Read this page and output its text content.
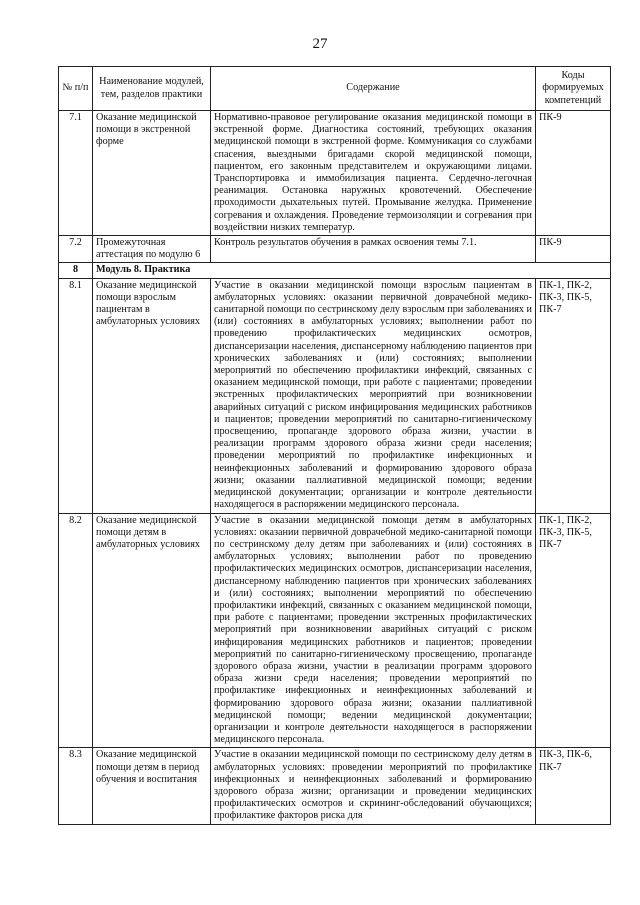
27
№ п/п	Наименование модулей, тем, разделов практики	Содержание	Коды формируемых компетенций
7.1	Оказание медицинской помощи в экстренной форме	Нормативно-правовое регулирование оказания медицинской помощи в экстренной форме. Диагностика состояний, требующих оказания медицинской помощи в экстренной форме. Коммуникация со службами спасения, выездными бригадами скорой медицинской помощи, пациентом, его законным представителем и окружающими лицами. Транспортировка и иммобилизация пациента. Сердечно-легочная реанимация. Остановка наружных кровотечений. Обеспечение проходимости дыхательных путей. Промывание желудка. Применение согревания и охлаждения. Проведение термоизоляции и согревания при воздействии низких температур.	ПК-9
7.2	Промежуточная аттестация по модулю 6	Контроль результатов обучения в рамках освоения темы 7.1.	ПК-9
8	Модуль 8. Практика		
8.1	Оказание медицинской помощи взрослым пациентам в амбулаторных условиях	Участие в оказании медицинской помощи взрослым пациентам в амбулаторных условиях: оказании первичной доврачебной медико-санитарной помощи по сестринскому делу взрослым при заболеваниях и (или) состояниях в амбулаторных условиях; выполнении работ по проведению профилактических медицинских осмотров, диспансеризации населения, диспансерному наблюдению пациентов при хронических заболеваниях и (или) состояниях; выполнении мероприятий по обеспечению профилактики инфекций, связанных с оказанием медицинской помощи, при работе с пациентами; проведении экстренных профилактических мероприятий при возникновении аварийных ситуаций с риском инфицирования медицинских работников и пациентов; проведении мероприятий по санитарно-гигиеническому просвещению, пропаганде здорового образа жизни, участии в реализации программ здорового образа жизни среди населения; проведении мероприятий по профилактике инфекционных и неинфекционных заболеваний и формированию здорового образа жизни; оказании паллиативной медицинской помощи; ведении медицинской документации; организации и контроле деятельности находящегося в распоряжении медицинского персонала.	ПК-1, ПК-2, ПК-3, ПК-5, ПК-7
8.2	Оказание медицинской помощи детям в амбулаторных условиях	Участие в оказании медицинской помощи детям в амбулаторных условиях: оказании первичной доврачебной медико-санитарной помощи по сестринскому делу детям при заболеваниях и (или) состояниях в амбулаторных условиях; выполнении работ по проведению профилактических медицинских осмотров, диспансеризации населения, диспансерному наблюдению пациентов при хронических заболеваниях и (или) состояниях; выполнении мероприятий по обеспечению профилактики инфекций, связанных с оказанием медицинской помощи, при работе с пациентами; проведении экстренных профилактических мероприятий при возникновении аварийных ситуаций с риском инфицирования медицинских работников и пациентов; проведении мероприятий по санитарно-гигиеническому просвещению, пропаганде здорового образа жизни, участии в реализации программ здорового образа жизни среди населения; проведении мероприятий по профилактике инфекционных и неинфекционных заболеваний и формированию здорового образа жизни; оказании паллиативной медицинской помощи; ведении медицинской документации; организации и контроле деятельности находящегося в распоряжении медицинского персонала.	ПК-1, ПК-2, ПК-3, ПК-5, ПК-7
8.3	Оказание медицинской помощи детям в период обучения и воспитания	Участие в оказании медицинской помощи по сестринскому делу детям в амбулаторных условиях: проведении мероприятий по профилактике инфекционных и неинфекционных заболеваний и формированию здорового образа жизни; организации и проведении медицинских профилактических осмотров и скрининг-обследований обучающихся; профилактике факторов риска для	ПК-3, ПК-6, ПК-7
